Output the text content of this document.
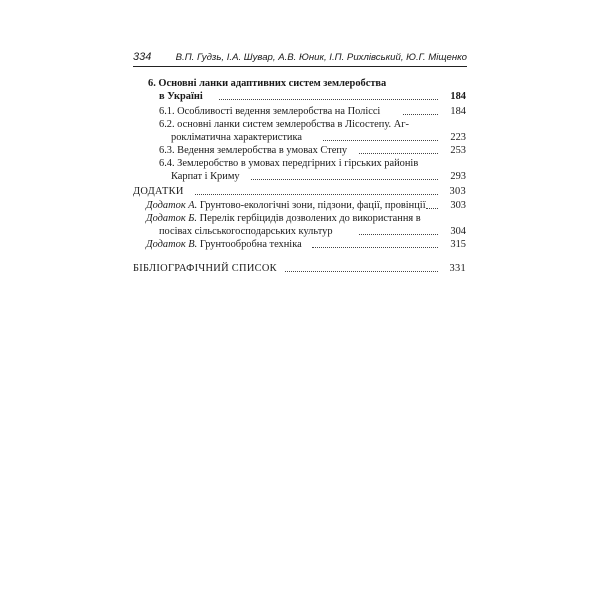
334	В.П. Гудзь, І.А. Шувар, А.В. Юник, І.П. Рихлівський, Ю.Г. Міщенко
6. Основні ланки адаптивних систем землеробства
в Україні	184
6.1. Особливості ведення землеробства на Поліссі	184
6.2. основні ланки систем землеробства в Лісостепу. Аг-
рокліматична характеристика	223
6.3. Ведення землеробства в умовах Степу	253
6.4. Землеробство в умовах передгірних і гірських районів
Карпат і Криму	293
ДОДАТКИ	303
Додаток А. Грунтово-екологічні зони, підзони, фації, провінції	303
Додаток Б. Перелік гербіцидів дозволених до використання в
посівах сільськогосподарських культур	304
Додаток В. Грунтообробна техніка	315
БІБЛІОГРАФІЧНИЙ СПИСОК	331
